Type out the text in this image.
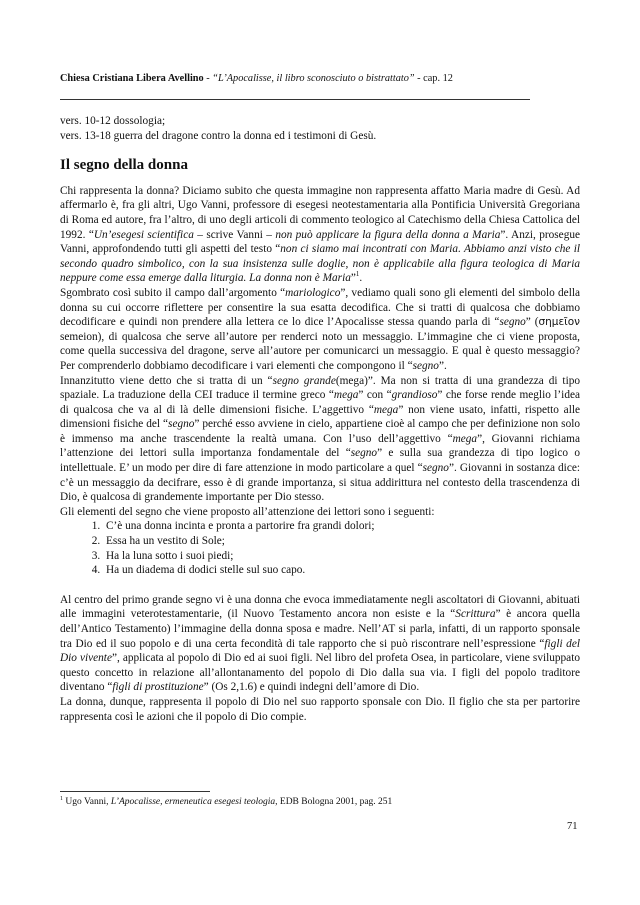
Chiesa Cristiana Libera Avellino - “L’Apocalisse, il libro sconosciuto o bistrattato” - cap. 12

vers. 10-12 dossologia;

vers. 13-18 guerra del dragone contro la donna ed i testimoni di Gesù.

Il segno della donna

Chi rappresenta la donna? Diciamo subito che questa immagine non rappresenta affatto Maria madre di Gesù. Ad affermarlo è, fra gli altri, Ugo Vanni, professore di esegesi neotestamentaria alla Pontificia Università Gregoriana di Roma ed autore, fra l’altro, di uno degli articoli di commento teologico al Catechismo della Chiesa Cattolica del 1992. “Un’esegesi scientifica – scrive Vanni – non può applicare la figura della donna a Maria”. Anzi, prosegue Vanni, approfondendo tutti gli aspetti del testo “non ci siamo mai incontrati con Maria. Abbiamo anzi visto che il secondo quadro simbolico, con la sua insistenza sulle doglie, non è applicabile alla figura teologica di Maria neppure come essa emerge dalla liturgia. La donna non è Maria”$^1$.

Sgombrato così subito il campo dall’argomento “mariologico”, vediamo quali sono gli elementi del simbolo della donna su cui occorre riflettere per consentire la sua esatta decodifica. Che si tratti di qualcosa che dobbiamo decodificare e quindi non prendere alla lettera ce lo dice l’Apocalisse stessa quando parla di “segno” (σημεῖον semeion), di qualcosa che serve all’autore per renderci noto un messaggio. L’immagine che ci viene proposta, come quella successiva del dragone, serve all’autore per comunicarci un messaggio. E qual è questo messaggio? Per comprenderlo dobbiamo decodificare i vari elementi che compongono il “segno”.

Innanzitutto viene detto che si tratta di un “segno grande(mega)”. Ma non si tratta di una grandezza di tipo spaziale. La traduzione della CEI traduce il termine greco “mega” con “grandioso” che forse rende meglio l’idea di qualcosa che va al di là delle dimensioni fisiche. L’aggettivo “mega” non viene usato, infatti, rispetto alle dimensioni fisiche del “segno” perché esso avviene in cielo, appartiene cioè al campo che per definizione non solo è immenso ma anche trascendente la realtà umana. Con l’uso dell’aggettivo “mega”, Giovanni richiama l’attenzione dei lettori sulla importanza fondamentale del “segno” e sulla sua grandezza di tipo logico o intellettuale. E’ un modo per dire di fare attenzione in modo particolare a quel “segno”. Giovanni in sostanza dice: c’è un messaggio da decifrare, esso è di grande importanza, si situa addirittura nel contesto della trascendenza di Dio, è qualcosa di grandemente importante per Dio stesso.

Gli elementi del segno che viene proposto all’attenzione dei lettori sono i seguenti:

1. C’è una donna incinta e pronta a partorire fra grandi dolori;
2. Essa ha un vestito di Sole;
3. Ha la luna sotto i suoi piedi;
4. Ha un diadema di dodici stelle sul suo capo.

Al centro del primo grande segno vi è una donna che evoca immediatamente negli ascoltatori di Giovanni, abituati alle immagini veterotestamentarie, (il Nuovo Testamento ancora non esiste e la “Scrittura” è ancora quella dell’Antico Testamento) l’immagine della donna sposa e madre. Nell’AT si parla, infatti, di un rapporto sponsale tra Dio ed il suo popolo e di una certa fecondità di tale rapporto che si può riscontrare nell’espressione “figli del Dio vivente”, applicata al popolo di Dio ed ai suoi figli. Nel libro del profeta Osea, in particolare, viene sviluppato questo concetto in relazione all’allontanamento del popolo di Dio dalla sua via. I figli del popolo traditore diventano “figli di prostituzione” (Os 2,1.6) e quindi indegni dell’amore di Dio.

La donna, dunque, rappresenta il popolo di Dio nel suo rapporto sponsale con Dio. Il figlio che sta per partorire rappresenta così le azioni che il popolo di Dio compie.

$^1$ Ugo Vanni, L’Apocalisse, ermeneutica esegesi teologia, EDB Bologna 2001, pag. 251
71
